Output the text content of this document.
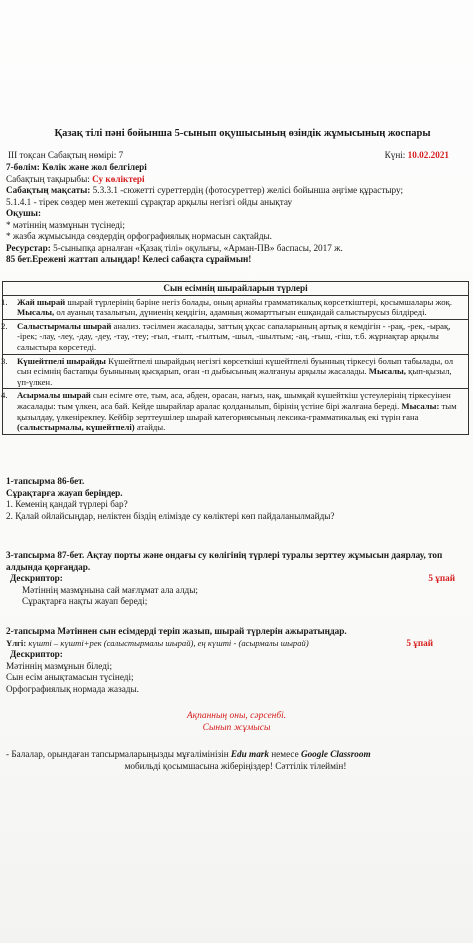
Қазақ тілі пәні бойынша 5-сынып оқушысының өзіндік жұмысының жоспары
ІІІ тоқсан Сабақтың нөмірі: 7	Күні: 10.02.2021

7-бөлім: Көлік және жол белгілері

Сабақтың тақырыбы: Су көліктері

Сабақтың мақсаты: 5.3.3.1 -сюжетті суреттердің (фотосуреттер) желісі бойынша әңгіме құрастыру;

5.1.4.1 - тірек сөздер мен жетекші сұрақтар арқылы негізгі ойды анықтау

Оқушы:

* мәтіннің мазмұнын түсінеді;

* жазба жұмысында сөздердің орфографиялық нормасын сақтайды.

Ресурстар: 5-сыныпқа арналған «Қазақ тілі» оқулығы, «Арман-ПВ» баспасы, 2017 ж.

85 бет.Ережені жаттап алыңдар! Келесі сабақта сұраймын!

Сын есімнің шырайларын түрлері
1. Жай шырай шырай түрлерінің бәріне негіз болады, оның арнайы грамматикалық көрсеткіштері, қосымшалары жоқ. Мысалы, ол ауаның тазалығын, дүниенің кеңдігін, адамның жомарттығын ешқандай салыстырусыз білдіреді.
2. Салыстырмалы шырай анализ. тәсілмен жасалады, заттың ұқсас сапаларының артық я кемдігін - -рақ, -рек, -ырақ, -ірек; -лау, -леу, -дау, -деу, -тау, -теу; -ғыл, -ғылт, -ғылтым, -шыл, -шылтым; -аң, -ғыш, -гіш, т.б. жұрнақтар арқылы салыстыра көрсетеді.
3. Күшейтпелі шырайды Күшейтпелі шырайдың негізгі көрсеткіші күшейтпелі буынның тіркесуі болып табылады, ол сын есімнің бастапқы буынының қысқарып, оған -п дыбысының жалғануы арқылы жасалады. Мысалы, қып-қызыл, үп-үлкен.
4. Асырмалы шырай сын есімге өте, тым, аса, әбден, орасан, нағыз, нақ, шымқай күшейткіш үстеулерінің тіркесуінен жасалады: тым үлкен, аса бай. Кейде шырайлар аралас қолданылып, бірінің үстіне бірі жалғана береді. Мысалы: тым қызылдау, үлкенірекпеу. Кейбір зерттеушілер шырай категориясының лексика-грамматикалық екі түрін ғана (салыстырмалы, күшейтпелі) атайды.

1-тапсырма 86-бет.

Сұрақтарға жауап беріңдер.

1. Кеменің қандай түрлері бар?

2. Қалай ойлайсыңдар, неліктен біздің елімізде су көліктері көп пайдаланылмайды?

3-тапсырма 87-бет. Ақтау порты және ондағы су көлігінің түрлері туралы зерттеу жұмысын даярлау, топ алдында қорғаңдар.

Дескриптор:	5 ұпай

Мәтіннің мазмұнына сай мағлұмат ала алды;

Сұрақтарға нақты жауап береді;

2-тапсырма Мәтіннен сын есімдерді теріп жазып, шырай түрлерін ажыратыңдар.

Үлгі: күшті – күшті+рек (салыстырмалы шырай), ең күшті - (асырмалы шырай)	5 ұпай

Дескриптор:

Мәтіннің мазмұнын біледі;

Сын есім анықтамасын түсінеді;

Орфографиялық нормада жазады.

Ақпанның оны, сәрсенбі.
Сынып жұмысы

- Балалар, орындаған тапсырмаларыңызды мұғалімінізін Edu mark немесе Google Classroom

мобильді қосымшасына жіберіңіздер! Сәттілік тілеймін!
